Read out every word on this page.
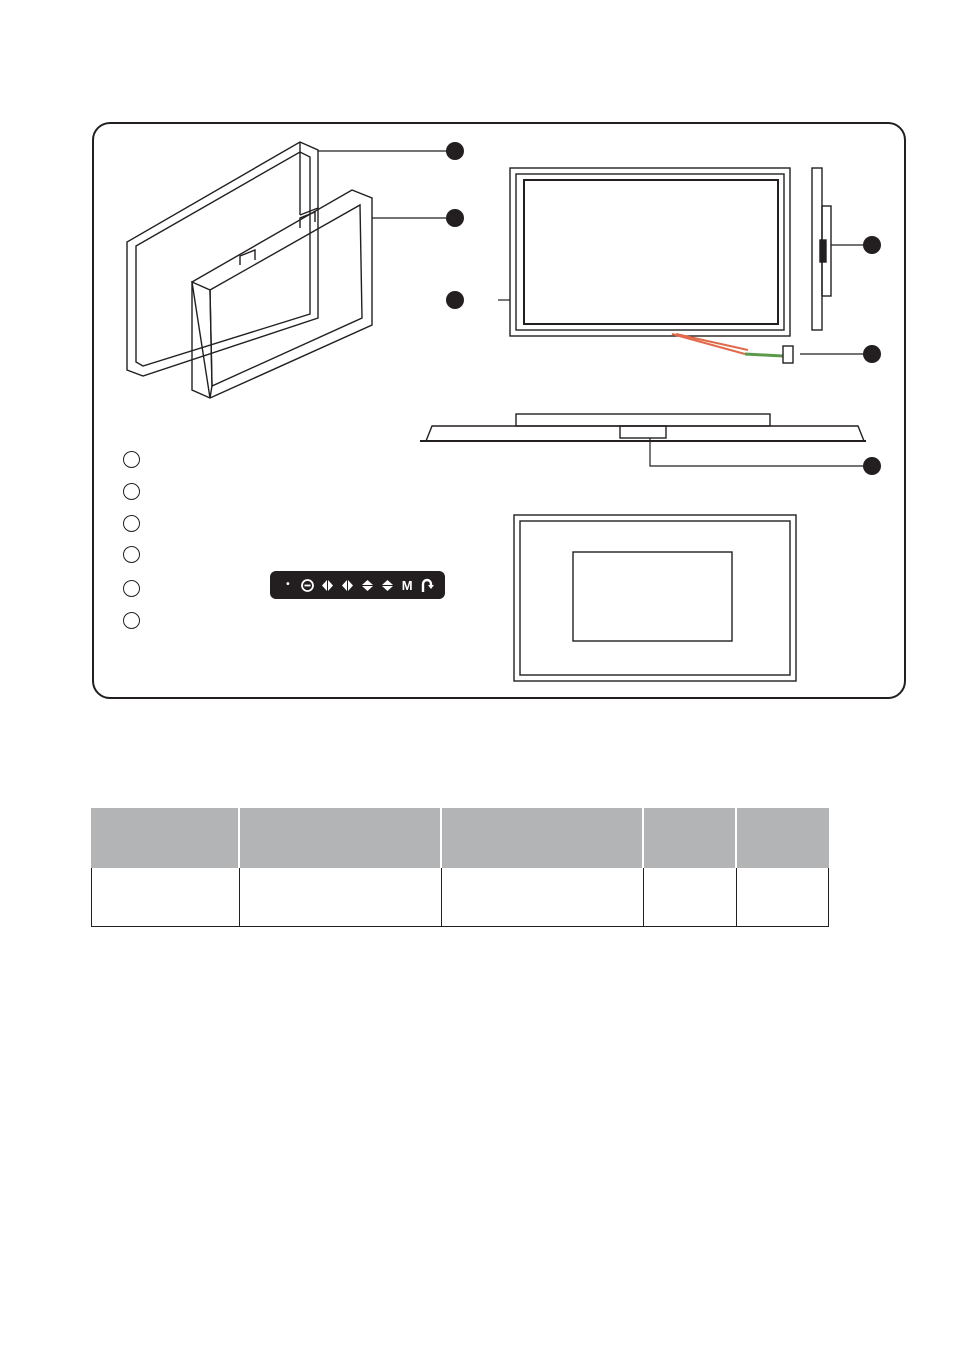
•	M
